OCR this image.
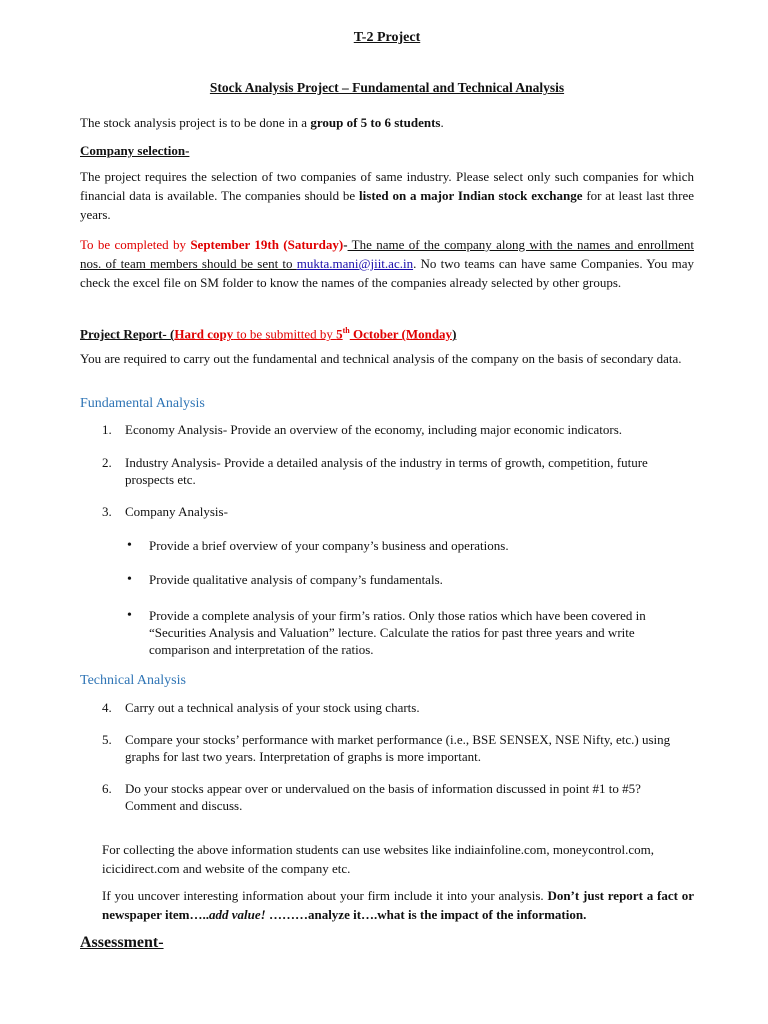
T-2 Project
Stock Analysis Project – Fundamental and Technical Analysis

The stock analysis project is to be done in a group of 5 to 6 students.

Company selection-

The project requires the selection of two companies of same industry. Please select only such companies for which financial data is available. The companies should be listed on a major Indian stock exchange for at least last three years.

To be completed by September 19th (Saturday)- The name of the company along with the names and enrollment nos. of team members should be sent to mukta.mani@jiit.ac.in. No two teams can have same Companies. You may check the excel file on SM folder to know the names of the companies already selected by other groups.

Project Report- (Hard copy to be submitted by 5th October (Monday)

You are required to carry out the fundamental and technical analysis of the company on the basis of secondary data.

Fundamental Analysis
1.	Economy Analysis- Provide an overview of the economy, including major economic indicators.
2.	Industry Analysis- Provide a detailed analysis of the industry in terms of growth, competition, future prospects etc.
3.	Company Analysis-
• Provide a brief overview of your company’s business and operations.
• Provide qualitative analysis of company’s fundamentals.
• Provide a complete analysis of your firm’s ratios. Only those ratios which have been covered in “Securities Analysis and Valuation” lecture. Calculate the ratios for past three years and write comparison and interpretation of the ratios.
Technical Analysis
4.	Carry out a technical analysis of your stock using charts.
5.	Compare your stocks’ performance with market performance (i.e., BSE SENSEX, NSE Nifty, etc.) using graphs for last two years. Interpretation of graphs is more important.
6.	Do your stocks appear over or undervalued on the basis of information discussed in point #1 to #5? Comment and discuss.

For collecting the above information students can use websites like indiainfoline.com, moneycontrol.com, icicidirect.com and website of the company etc.

If you uncover interesting information about your firm include it into your analysis. Don’t just report a fact or newspaper item…..add value! ………analyze it….what is the impact of the information.

Assessment-
